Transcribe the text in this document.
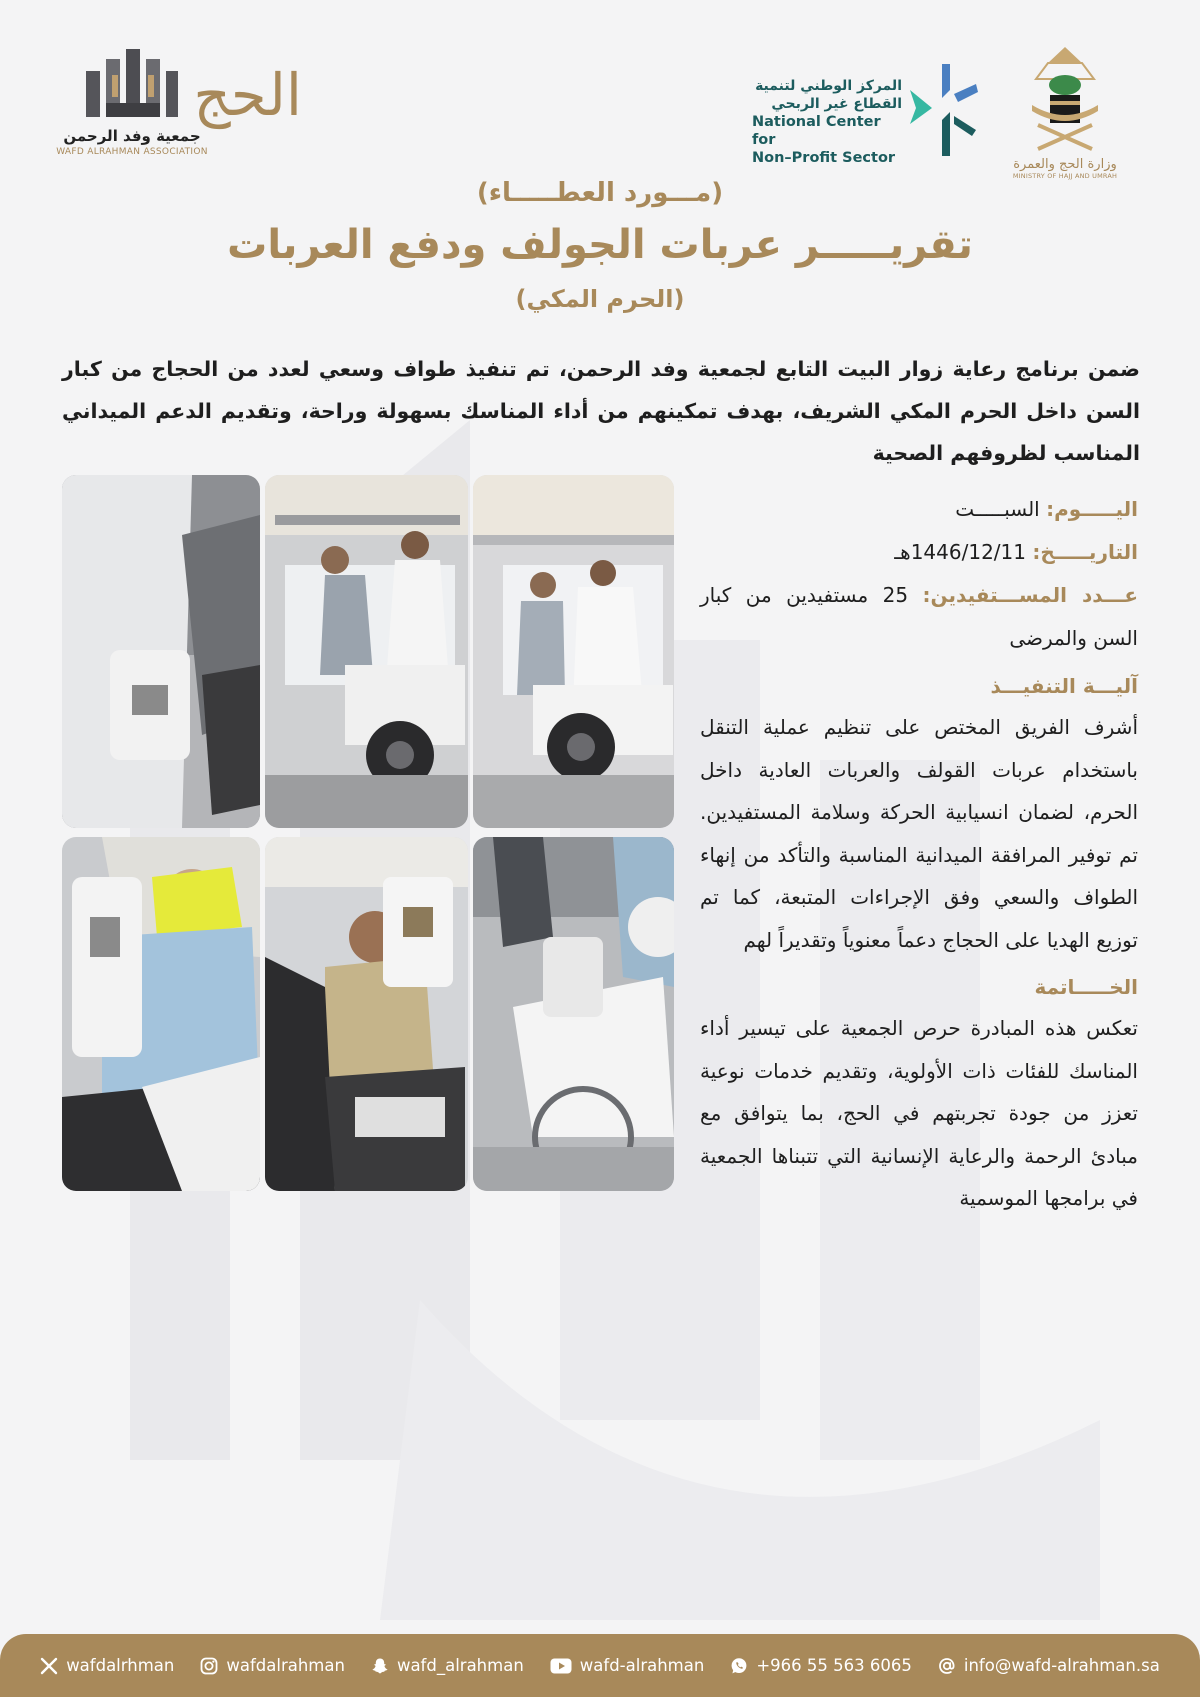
جمعية وفد الرحمن
WAFD ALRAHMAN ASSOCIATION
الحج	المركز الوطني لتنمية
القطاع غير الربحي
National Center for
Non–Profit Sector	وزارة الحج والعمرة
MINISTRY OF HAJJ AND UMRAH
(مـــورد العطـــــاء)
تقريـــــر عربات الجولف ودفع العربات
(الحرم المكي)
ضمن برنامج رعاية زوار البيت التابع لجمعية وفد الرحمن، تم تنفيذ طواف وسعي لعدد من الحجاج من كبار السن داخل الحرم المكي الشريف، بهدف تمكينهم من أداء المناسك بسهولة وراحة، وتقديم الدعم الميداني المناسب لظروفهم الصحية

اليـــــوم: السبـــــت

التاريـــــخ: 1446/12/11هـ

عـــدد المســـتفيدين: 25 مستفيدين من كبار السن والمرضى

آليـــة التنفيـــذ

أشرف الفريق المختص على تنظيم عملية التنقل باستخدام عربات القولف والعربات العادية داخل الحرم، لضمان انسيابية الحركة وسلامة المستفيدين. تم توفير المرافقة الميدانية المناسبة والتأكد من إنهاء الطواف والسعي وفق الإجراءات المتبعة، كما تم توزيع الهديا على الحجاج دعماً معنوياً وتقديراً لهم

الخـــــاتمة

تعكس هذه المبادرة حرص الجمعية على تيسير أداء المناسك للفئات ذات الأولوية، وتقديم خدمات نوعية تعزز من جودة تجربتهم في الحج، بما يتوافق مع مبادئ الرحمة والرعاية الإنسانية التي تتبناها الجمعية في برامجها الموسمية

wafdalrhman	wafdalrahman	wafd_alrahman	wafd-alrahman	+966 55 563 6065	info@wafd-alrahman.sa
